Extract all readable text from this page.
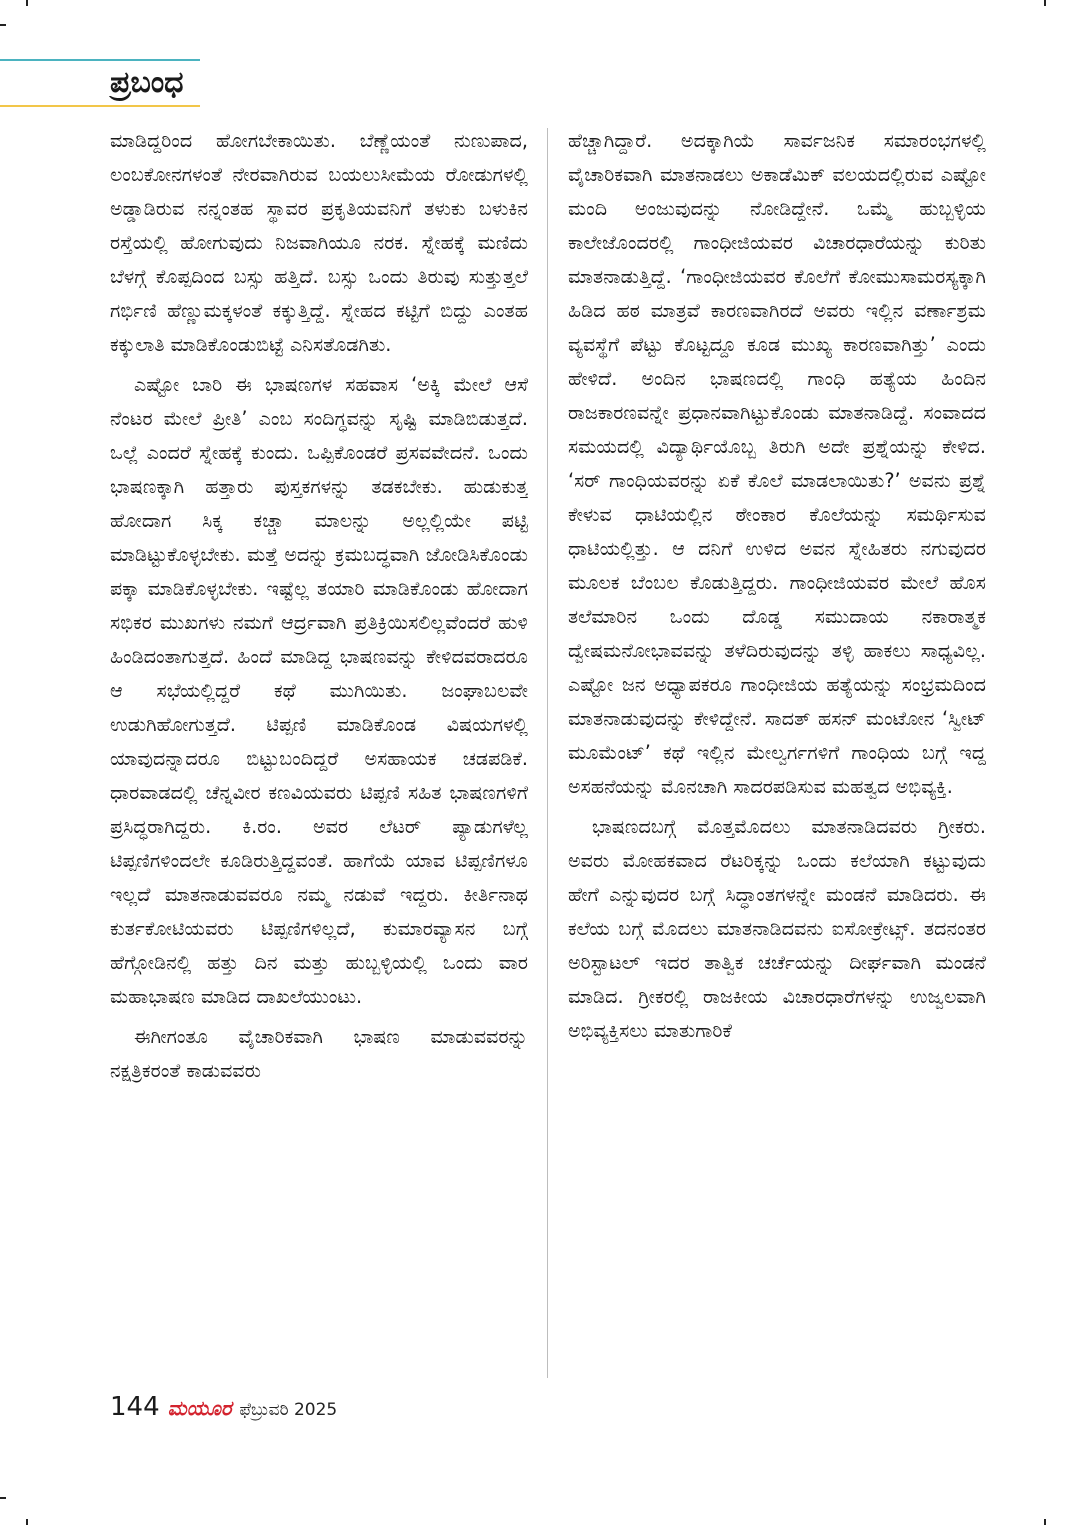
ಪ್ರಬಂಧ

ಮಾಡಿದ್ದರಿಂದ ಹೋಗಬೇಕಾಯಿತು. ಬೆಣ್ಣೆಯಂತೆ ನುಣುಪಾದ, ಲಂಬಕೋನಗಳಂತೆ ನೇರವಾಗಿರುವ ಬಯಲುಸೀಮೆಯ ರೋಡುಗಳಲ್ಲಿ ಅಡ್ಡಾಡಿರುವ ನನ್ನಂತಹ ಸ್ಥಾವರ ಪ್ರಕೃತಿಯವನಿಗೆ ತಳುಕು ಬಳುಕಿನ ರಸ್ತೆಯಲ್ಲಿ ಹೋಗುವುದು ನಿಜವಾಗಿಯೂ ನರಕ. ಸ್ನೇಹಕ್ಕೆ ಮಣಿದು ಬೆಳಗ್ಗೆ ಕೊಪ್ಪದಿಂದ ಬಸ್ಸು ಹತ್ತಿದೆ. ಬಸ್ಸು ಒಂದು ತಿರುವು ಸುತ್ತುತ್ತಲೆ ಗರ್ಭಿಣಿ ಹೆಣ್ಣುಮಕ್ಕಳಂತೆ ಕಕ್ಕುತ್ತಿದ್ದೆ. ಸ್ನೇಹದ ಕಟ್ಟಿಗೆ ಬಿದ್ದು ಎಂತಹ ಕಕ್ಕುಲಾತಿ ಮಾಡಿಕೊಂಡುಬಿಟ್ಟೆ ಎನಿಸತೊಡಗಿತು.

ಎಷ್ಟೋ ಬಾರಿ ಈ ಭಾಷಣಗಳ ಸಹವಾಸ ‘ಅಕ್ಕಿ ಮೇಲೆ ಆಸೆ ನೆಂಟರ ಮೇಲೆ ಪ್ರೀತಿ’ ಎಂಬ ಸಂದಿಗ್ಧವನ್ನು ಸೃಷ್ಟಿ ಮಾಡಿಬಿಡುತ್ತದೆ. ಒಲ್ಲೆ ಎಂದರೆ ಸ್ನೇಹಕ್ಕೆ ಕುಂದು. ಒಪ್ಪಿಕೊಂಡರೆ ಪ್ರಸವವೇದನೆ. ಒಂದು ಭಾಷಣಕ್ಕಾಗಿ ಹತ್ತಾರು ಪುಸ್ತಕಗಳನ್ನು ತಡಕಬೇಕು. ಹುಡುಕುತ್ತ ಹೋದಾಗ ಸಿಕ್ಕ ಕಚ್ಚಾ ಮಾಲನ್ನು ಅಲ್ಲಲ್ಲಿಯೇ ಪಟ್ಟಿ ಮಾಡಿಟ್ಟುಕೊಳ್ಳಬೇಕು. ಮತ್ತೆ ಅದನ್ನು ಕ್ರಮಬದ್ಧವಾಗಿ ಜೋಡಿಸಿಕೊಂಡು ಪಕ್ಕಾ ಮಾಡಿಕೊಳ್ಳಬೇಕು. ಇಷ್ಟೆಲ್ಲ ತಯಾರಿ ಮಾಡಿಕೊಂಡು ಹೋದಾಗ ಸಭಿಕರ ಮುಖಗಳು ನಮಗೆ ಆರ್ದ್ರವಾಗಿ ಪ್ರತಿಕ್ರಿಯಿಸಲಿಲ್ಲವೆಂದರೆ ಹುಳಿ ಹಿಂಡಿದಂತಾಗುತ್ತದೆ. ಹಿಂದೆ ಮಾಡಿದ್ದ ಭಾಷಣವನ್ನು ಕೇಳಿದವರಾದರೂ ಆ ಸಭೆಯಲ್ಲಿದ್ದರೆ ಕಥೆ ಮುಗಿಯಿತು. ಜಂಘಾಬಲವೇ ಉಡುಗಿಹೋಗುತ್ತದೆ. ಟಿಪ್ಪಣಿ ಮಾಡಿಕೊಂಡ ವಿಷಯಗಳಲ್ಲಿ ಯಾವುದನ್ನಾದರೂ ಬಿಟ್ಟುಬಂದಿದ್ದರೆ ಅಸಹಾಯಕ ಚಡಪಡಿಕೆ. ಧಾರವಾಡದಲ್ಲಿ ಚೆನ್ನವೀರ ಕಣವಿಯವರು ಟಿಪ್ಪಣಿ ಸಹಿತ ಭಾಷಣಗಳಿಗೆ ಪ್ರಸಿದ್ಧರಾಗಿದ್ದರು. ಕಿ.ರಂ. ಅವರ ಲೆಟರ್ ಪ್ಯಾಡುಗಳೆಲ್ಲ ಟಿಪ್ಪಣಿಗಳಿಂದಲೇ ಕೂಡಿರುತ್ತಿದ್ದವಂತೆ. ಹಾಗೆಯೆ ಯಾವ ಟಿಪ್ಪಣಿಗಳೂ ಇಲ್ಲದೆ ಮಾತನಾಡುವವರೂ ನಮ್ಮ ನಡುವೆ ಇದ್ದರು. ಕೀರ್ತಿನಾಥ ಕುರ್ತಕೋಟಿಯವರು ಟಿಪ್ಪಣಿಗಳಿಲ್ಲದೆ, ಕುಮಾರವ್ಯಾಸನ ಬಗ್ಗೆ ಹೆಗ್ಗೋಡಿನಲ್ಲಿ ಹತ್ತು ದಿನ ಮತ್ತು ಹುಬ್ಬಳ್ಳಿಯಲ್ಲಿ ಒಂದು ವಾರ ಮಹಾಭಾಷಣ ಮಾಡಿದ ದಾಖಲೆಯುಂಟು.

ಈಗೀಗಂತೂ ವೈಚಾರಿಕವಾಗಿ ಭಾಷಣ ಮಾಡುವವರನ್ನು ನಕ್ಷತ್ರಿಕರಂತೆ ಕಾಡುವವರು

ಹೆಚ್ಚಾಗಿದ್ದಾರೆ. ಅದಕ್ಕಾಗಿಯೆ ಸಾರ್ವಜನಿಕ ಸಮಾರಂಭಗಳಲ್ಲಿ ವೈಚಾರಿಕವಾಗಿ ಮಾತನಾಡಲು ಅಕಾಡೆಮಿಕ್ ವಲಯದಲ್ಲಿರುವ ಎಷ್ಟೋ ಮಂದಿ ಅಂಜುವುದನ್ನು ನೋಡಿದ್ದೇನೆ. ಒಮ್ಮೆ ಹುಬ್ಬಳ್ಳಿಯ ಕಾಲೇಜೊಂದರಲ್ಲಿ ಗಾಂಧೀಜಿಯವರ ವಿಚಾರಧಾರೆಯನ್ನು ಕುರಿತು ಮಾತನಾಡುತ್ತಿದ್ದೆ. ‘ಗಾಂಧೀಜಿಯವರ ಕೊಲೆಗೆ ಕೋಮುಸಾಮರಸ್ಯಕ್ಕಾಗಿ ಹಿಡಿದ ಹಠ ಮಾತ್ರವೆ ಕಾರಣವಾಗಿರದೆ ಅವರು ಇಲ್ಲಿನ ವರ್ಣಾಶ್ರಮ ವ್ಯವಸ್ಥೆಗೆ ಪೆಟ್ಟು ಕೊಟ್ಟದ್ದೂ ಕೂಡ ಮುಖ್ಯ ಕಾರಣವಾಗಿತ್ತು’ ಎಂದು ಹೇಳಿದೆ. ಅಂದಿನ ಭಾಷಣದಲ್ಲಿ ಗಾಂಧಿ ಹತ್ಯೆಯ ಹಿಂದಿನ ರಾಜಕಾರಣವನ್ನೇ ಪ್ರಧಾನವಾಗಿಟ್ಟುಕೊಂಡು ಮಾತನಾಡಿದ್ದೆ. ಸಂವಾದದ ಸಮಯದಲ್ಲಿ ವಿದ್ಯಾರ್ಥಿಯೊಬ್ಬ ತಿರುಗಿ ಅದೇ ಪ್ರಶ್ನೆಯನ್ನು ಕೇಳಿದ. ‘ಸರ್ ಗಾಂಧಿಯವರನ್ನು ಏಕೆ ಕೊಲೆ ಮಾಡಲಾಯಿತು?’ ಅವನು ಪ್ರಶ್ನೆ ಕೇಳುವ ಧಾಟಿಯಲ್ಲಿನ ಠೇಂಕಾರ ಕೊಲೆಯನ್ನು ಸಮರ್ಥಿಸುವ ಧಾಟಿಯಲ್ಲಿತ್ತು. ಆ ದನಿಗೆ ಉಳಿದ ಅವನ ಸ್ನೇಹಿತರು ನಗುವುದರ ಮೂಲಕ ಬೆಂಬಲ ಕೊಡುತ್ತಿದ್ದರು. ಗಾಂಧೀಜಿಯವರ ಮೇಲೆ ಹೊಸ ತಲೆಮಾರಿನ ಒಂದು ದೊಡ್ಡ ಸಮುದಾಯ ನಕಾರಾತ್ಮಕ ದ್ವೇಷಮನೋಭಾವವನ್ನು ತಳೆದಿರುವುದನ್ನು ತಳ್ಳಿ ಹಾಕಲು ಸಾಧ್ಯವಿಲ್ಲ. ಎಷ್ಟೋ ಜನ ಅಧ್ಯಾಪಕರೂ ಗಾಂಧೀಜಿಯ ಹತ್ಯೆಯನ್ನು ಸಂಭ್ರಮದಿಂದ ಮಾತನಾಡುವುದನ್ನು ಕೇಳಿದ್ದೇನೆ. ಸಾದತ್ ಹಸನ್ ಮಂಟೋನ ‘ಸ್ವೀಟ್ ಮೂಮೆಂಟ್’ ಕಥೆ ಇಲ್ಲಿನ ಮೇಲ್ವರ್ಗಗಳಿಗೆ ಗಾಂಧಿಯ ಬಗ್ಗೆ ಇದ್ದ ಅಸಹನೆಯನ್ನು ಮೊನಚಾಗಿ ಸಾದರಪಡಿಸುವ ಮಹತ್ವದ ಅಭಿವ್ಯಕ್ತಿ.

ಭಾಷಣದಬಗ್ಗೆ ಮೊತ್ತಮೊದಲು ಮಾತನಾಡಿದವರು ಗ್ರೀಕರು. ಅವರು ಮೋಹಕವಾದ ರೆಟರಿಕ್ಕನ್ನು ಒಂದು ಕಲೆಯಾಗಿ ಕಟ್ಟುವುದು ಹೇಗೆ ಎನ್ನುವುದರ ಬಗ್ಗೆ ಸಿದ್ಧಾಂತಗಳನ್ನೇ ಮಂಡನೆ ಮಾಡಿದರು. ಈ ಕಲೆಯ ಬಗ್ಗೆ ಮೊದಲು ಮಾತನಾಡಿದವನು ಐಸೋಕ್ರೇಟ್ಸ್. ತದನಂತರ ಅರಿಸ್ಟಾಟಲ್ ಇದರ ತಾತ್ವಿಕ ಚರ್ಚೆಯನ್ನು ದೀರ್ಘವಾಗಿ ಮಂಡನೆ ಮಾಡಿದ. ಗ್ರೀಕರಲ್ಲಿ ರಾಜಕೀಯ ವಿಚಾರಧಾರೆಗಳನ್ನು ಉಜ್ವಲವಾಗಿ ಅಭಿವ್ಯಕ್ತಿಸಲು ಮಾತುಗಾರಿಕೆ

144 ಮಯೂರ ಫೆಬ್ರುವರಿ 2025
